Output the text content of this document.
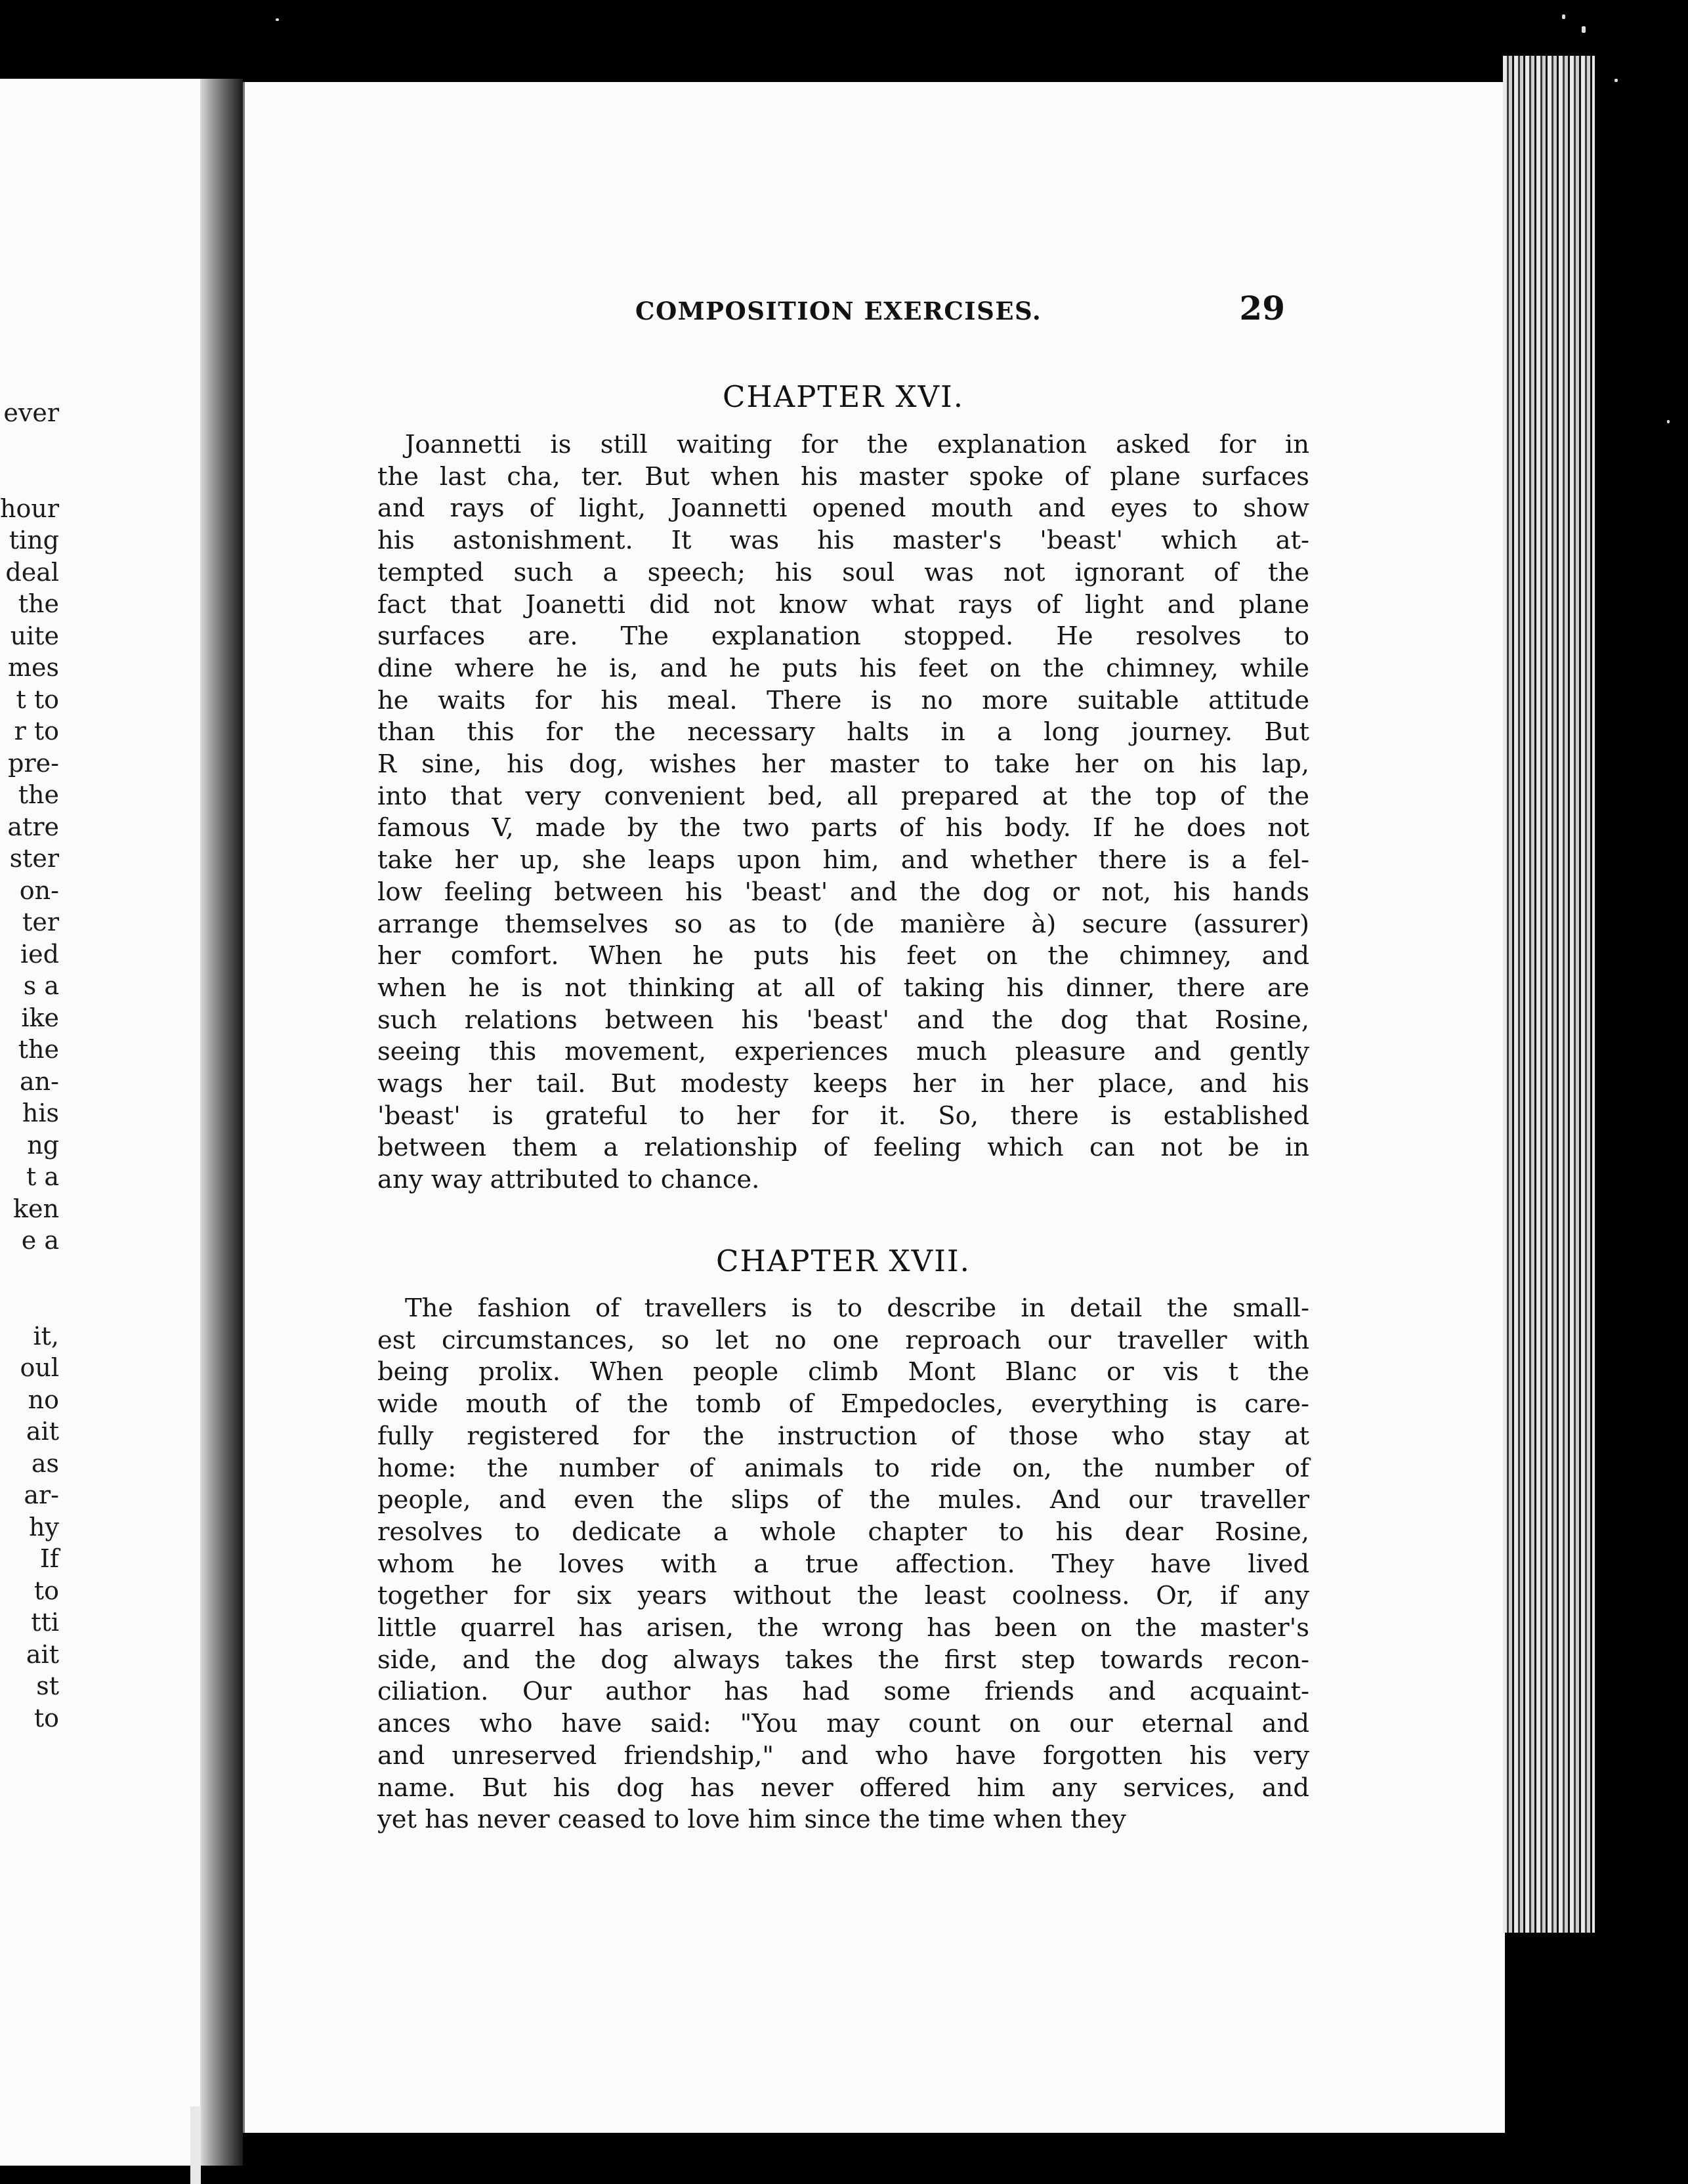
ever
hour
ting
deal
the
uite
mes
t to
r to
pre-
the
atre
ster
on-
ter
ied
s a
ike
the
an-
his
ng
t a
ken
e a
it,
oul
no
ait
as
ar-
hy
If
to
tti
ait
st
to
COMPOSITION EXERCISES.	29
CHAPTER XVI.
Joannetti is still waiting for the explanation asked for in
the last cha, ter. But when his master spoke of plane surfaces
and rays of light, Joannetti opened mouth and eyes to show
his astonishment. It was his master's 'beast' which at-
tempted such a speech; his soul was not ignorant of the
fact that Joanetti did not know what rays of light and plane
surfaces are. The explanation stopped. He resolves to
dine where he is, and he puts his feet on the chimney, while
he waits for his meal. There is no more suitable attitude
than this for the necessary halts in a long journey. But
R sine, his dog, wishes her master to take her on his lap,
into that very convenient bed, all prepared at the top of the
famous V, made by the two parts of his body. If he does not
take her up, she leaps upon him, and whether there is a fel-
low feeling between his 'beast' and the dog or not, his hands
arrange themselves so as to (de manière à) secure (assurer)
her comfort. When he puts his feet on the chimney, and
when he is not thinking at all of taking his dinner, there are
such relations between his 'beast' and the dog that Rosine,
seeing this movement, experiences much pleasure and gently
wags her tail. But modesty keeps her in her place, and his
'beast' is grateful to her for it. So, there is established
between them a relationship of feeling which can not be in
any way attributed to chance.
CHAPTER XVII.
The fashion of travellers is to describe in detail the small-
est circumstances, so let no one reproach our traveller with
being prolix. When people climb Mont Blanc or vis t the
wide mouth of the tomb of Empedocles, everything is care-
fully registered for the instruction of those who stay at
home: the number of animals to ride on, the number of
people, and even the slips of the mules. And our traveller
resolves to dedicate a whole chapter to his dear Rosine,
whom he loves with a true affection. They have lived
together for six years without the least coolness. Or, if any
little quarrel has arisen, the wrong has been on the master's
side, and the dog always takes the first step towards recon-
ciliation. Our author has had some friends and acquaint-
ances who have said: "You may count on our eternal and
and unreserved friendship," and who have forgotten his very
name. But his dog has never offered him any services, and
yet has never ceased to love him since the time when they
